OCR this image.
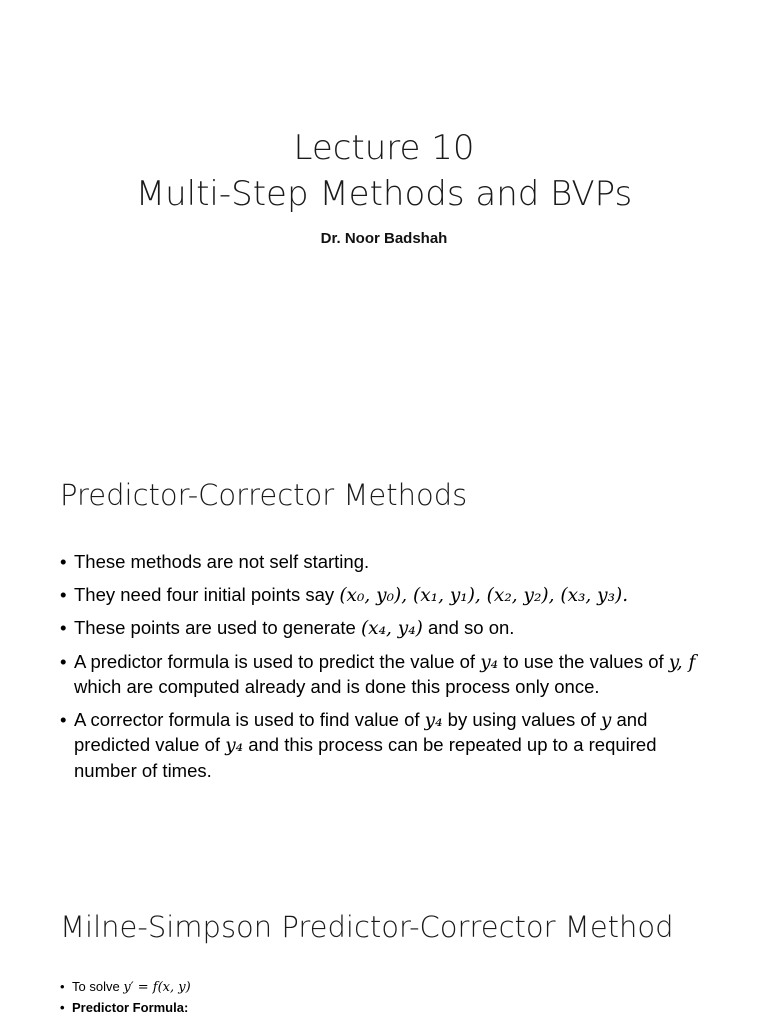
Lecture 10
Multi-Step Methods and BVPs
Dr. Noor Badshah
Predictor-Corrector Methods
• These methods are not self starting.
• They need four initial points say (x₀, y₀), (x₁, y₁), (x₂, y₂), (x₃, y₃).
• These points are used to generate (x₄, y₄) and so on.
• A predictor formula is used to predict the value of y₄ to use the values of y, f which are computed already and is done this process only once.
• A corrector formula is used to find value of y₄ by using values of y and predicted value of y₄ and this process can be repeated up to a required number of times.
Milne-Simpson Predictor-Corrector Method
• To solve y′ = f(x, y)
• Predictor Formula:
